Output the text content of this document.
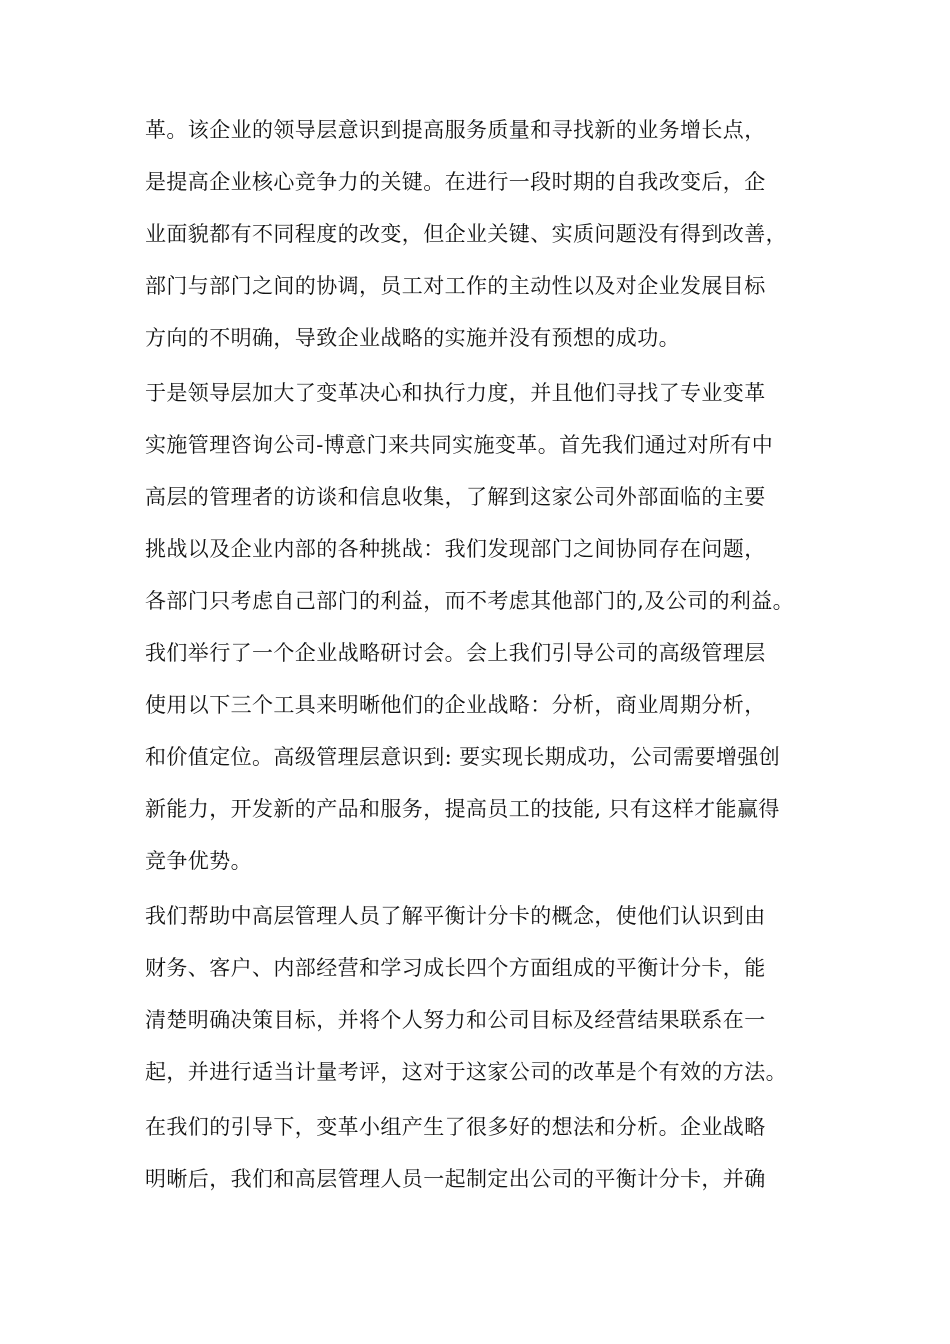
革。该企业的领导层意识到提高服务质量和寻找新的业务增长点，
是提高企业核心竞争力的关键。在进行一段时期的自我改变后，企
业面貌都有不同程度的改变，但企业关键、实质问题没有得到改善，
部门与部门之间的协调，员工对工作的主动性以及对企业发展目标
方向的不明确，导致企业战略的实施并没有预想的成功。
于是领导层加大了变革决心和执行力度，并且他们寻找了专业变革
实施管理咨询公司-博意门来共同实施变革。首先我们通过对所有中
高层的管理者的访谈和信息收集，了解到这家公司外部面临的主要
挑战以及企业内部的各种挑战：我们发现部门之间协同存在问题，
各部门只考虑自己部门的利益，而不考虑其他部门的,及公司的利益。
我们举行了一个企业战略研讨会。会上我们引导公司的高级管理层
使用以下三个工具来明晰他们的企业战略：分析，商业周期分析，
和价值定位。高级管理层意识到: 要实现长期成功，公司需要增强创
新能力，开发新的产品和服务，提高员工的技能, 只有这样才能赢得
竞争优势。
我们帮助中高层管理人员了解平衡计分卡的概念，使他们认识到由
财务、客户、内部经营和学习成长四个方面组成的平衡计分卡，能
清楚明确决策目标，并将个人努力和公司目标及经营结果联系在一
起，并进行适当计量考评，这对于这家公司的改革是个有效的方法。
在我们的引导下，变革小组产生了很多好的想法和分析。企业战略
明晰后，我们和高层管理人员一起制定出公司的平衡计分卡，并确
